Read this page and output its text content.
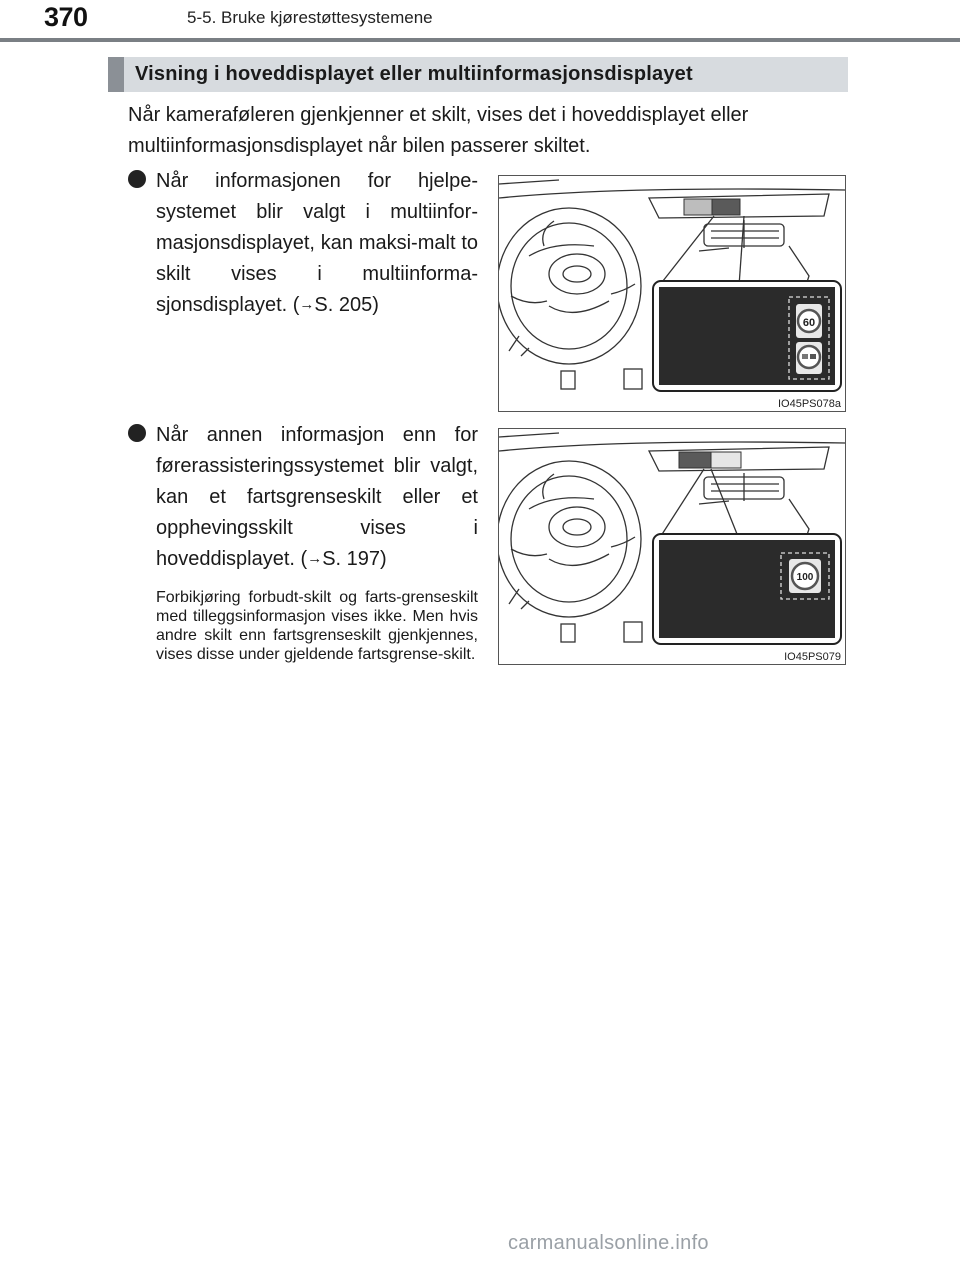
370	5-5. Bruke kjørestøttesystemene
Visning i hoveddisplayet eller multiinformasjonsdisplayet

Når kameraføleren gjenkjenner et skilt, vises det i hoveddisplayet eller multiinformasjonsdisplayet når bilen passerer skiltet.

Når informasjonen for hjelpe-systemet blir valgt i multiinfor-masjonsdisplayet, kan maksi-malt to skilt vises i multiinforma-sjonsdisplayet. (→S. 205)

60
IO45PS078a

Når annen informasjon enn for førerassisteringssystemet blir valgt, kan et fartsgrenseskilt eller et opphevingsskilt vises i hoveddisplayet. (→S. 197)

Forbikjøring forbudt-skilt og farts-grenseskilt med tilleggsinformasjon vises ikke. Men hvis andre skilt enn fartsgrenseskilt gjenkjennes, vises disse under gjeldende fartsgrense-skilt.

100
IO45PS079
carmanualsonline.info
